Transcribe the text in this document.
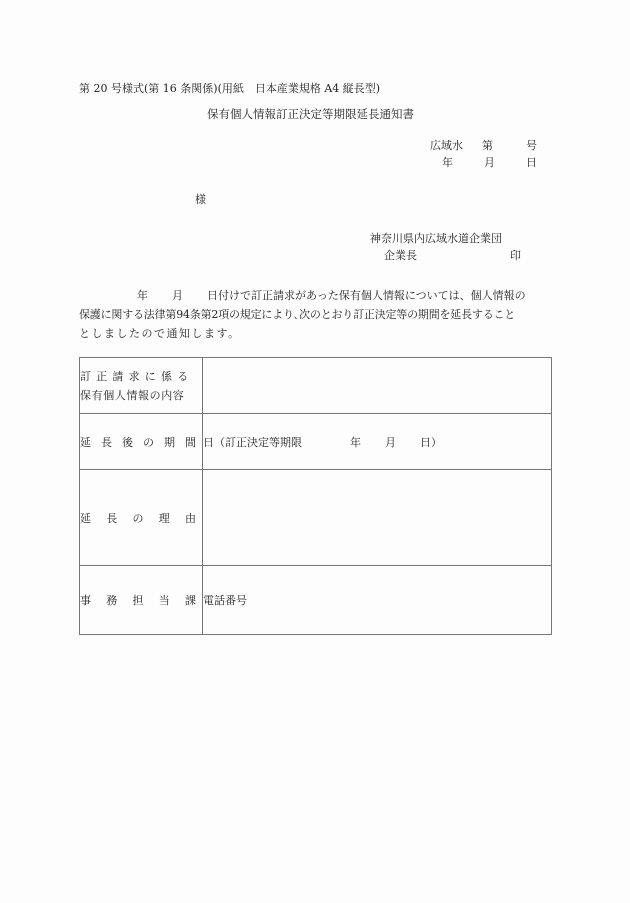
第 20 号様式(第 16 条関係)(用紙　日本産業規格 A4 縦長型)
保有個人情報訂正決定等期限延長通知書
広域水 第	号
年	月	日
様
神奈川県内広域水道企業団
企業長	印
年 月 日付けで訂正請求があった保有個人情報については、個人情報の
保護に関する法律第94条第2項の規定により､次のとおり訂正決定等の期間を延長すること
としましたので通知します。
訂正請求に係る
保有個人情報の内容	

延 長 後 の 期 間	日（訂正決定等期限	年 月 日）

延 長 の 理 由	

事 務 担 当 課	電話番号
